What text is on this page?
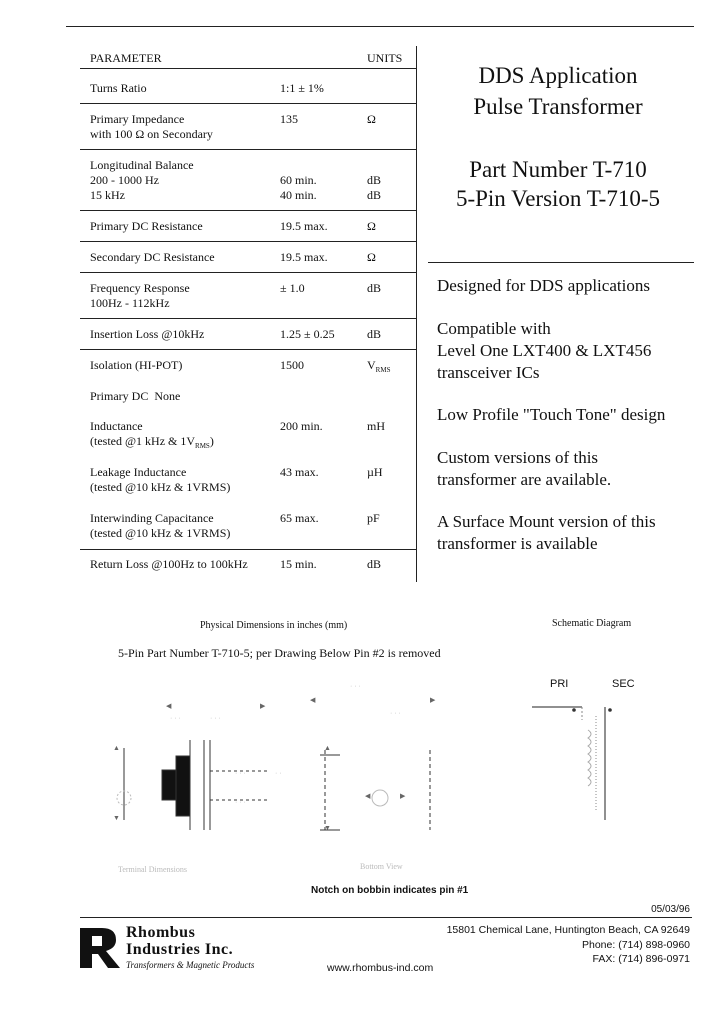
PARAMETER	UNITS
Turns Ratio	1:1 ± 1%
Primary Impedance	135	Ω
with 100 Ω on Secondary
Longitudinal Balance
200 - 1000 Hz	60 min.	dB
15 kHz	40 min.	dB
Primary DC Resistance	19.5 max.	Ω
Secondary DC Resistance	19.5 max.	Ω
Frequency Response	± 1.0	dB
100Hz - 112kHz
Insertion Loss @10kHz	1.25 ± 0.25	dB
Isolation (HI-POT)	1500	$V_{RMS}$
Primary DC None
Inductance	200 min.	mH
(tested @1 kHz & $1V_{RMS}$)
Leakage Inductance	43 max.	µH
(tested @10 kHz & 1VRMS)
Interwinding Capacitance	65 max.	pF
(tested @10 kHz & 1VRMS)
Return Loss @100Hz to 100kHz	15 min.	dB
DDS Application
Pulse Transformer
Part Number T-710
5-Pin Version T-710-5
Designed for DDS applications
Compatible with
Level One LXT400 & LXT456
transceiver ICs
Low Profile "Touch Tone" design
Custom versions of this
transformer are available.
A Surface Mount version of this
transformer is available
Physical Dimensions in inches (mm)	Schematic Diagram
5-Pin Part Number T-710-5; per Drawing Below Pin #2 is removed
▲
▼
◀	▶
◀	▶
▲
▼
◀	▶
· · ·	· · ·
· · ·
· · ·
· · ·
· · ·
· ·
Bottom View
Terminal Dimensions
Notch on bobbin indicates pin #1
PRI	SEC
05/03/96
Rhombus
Industries Inc.
Transformers & Magnetic Products
15801 Chemical Lane, Huntington Beach, CA 92649
Phone: (714) 898-0960
FAX: (714) 896-0971
www.rhombus-ind.com
